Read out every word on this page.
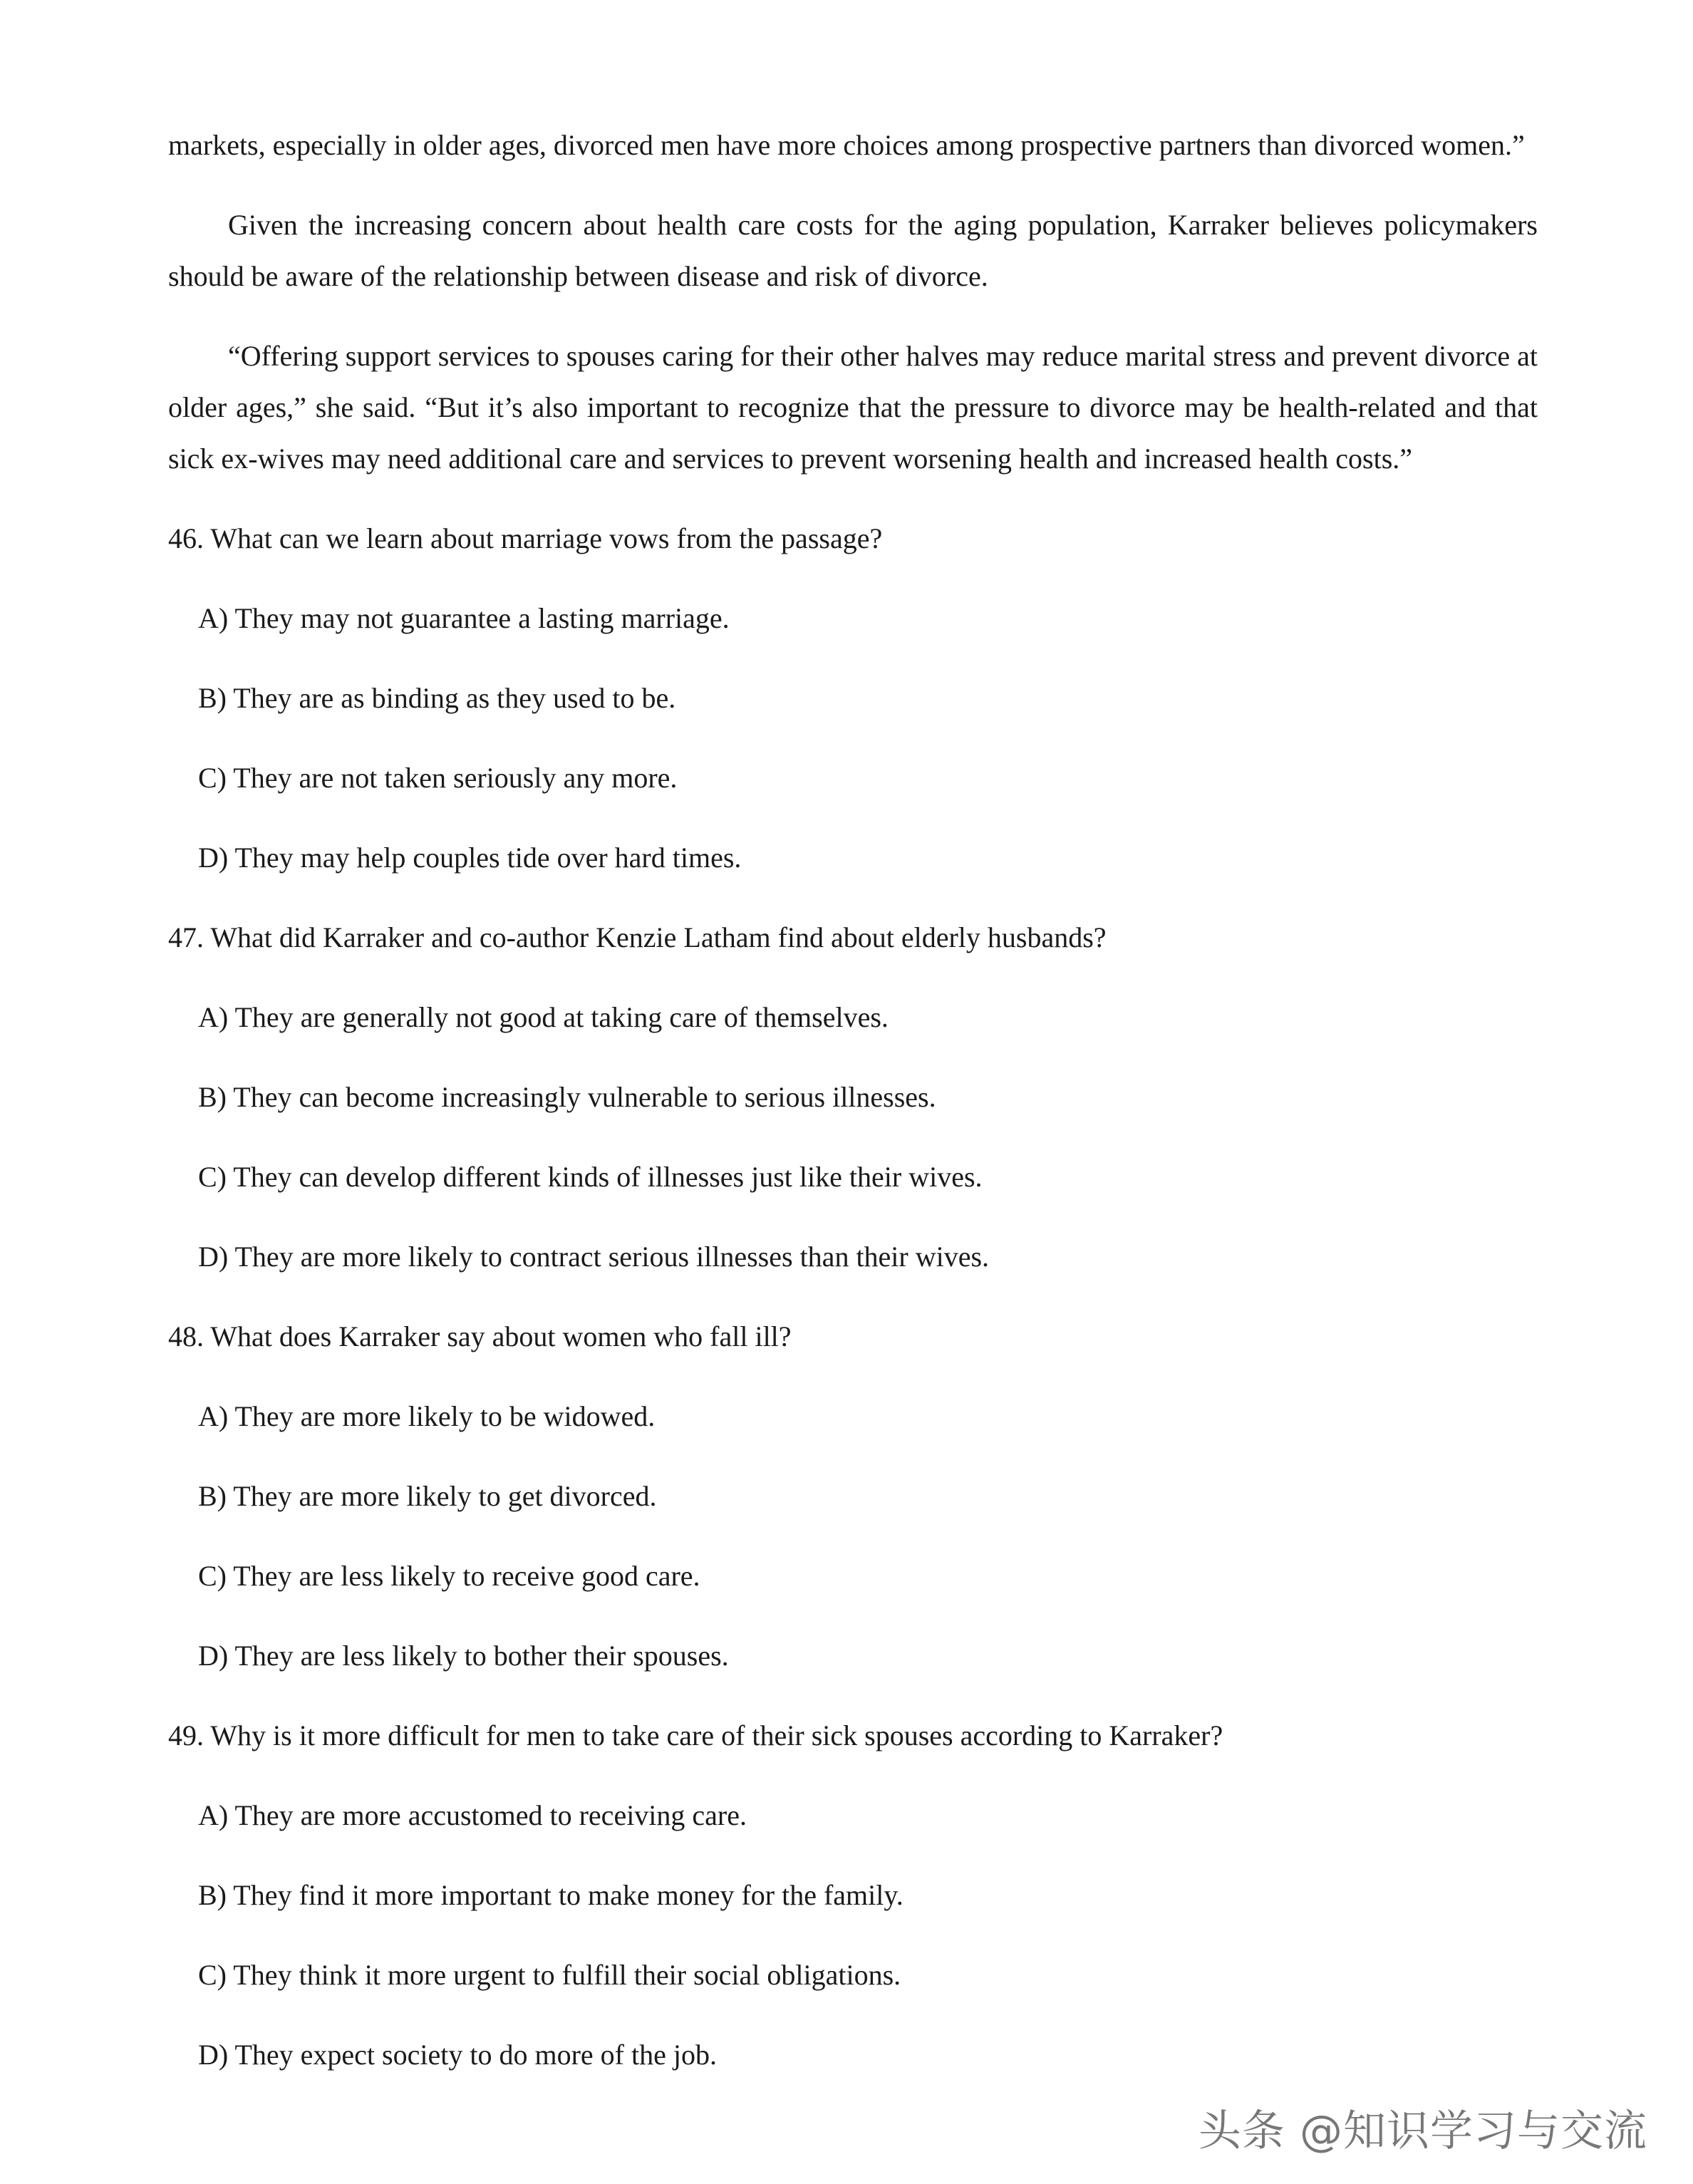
markets, especially in older ages, divorced men have more choices among prospective partners than divorced women.”

Given the increasing concern about health care costs for the aging population, Karraker believes policymakers should be aware of the relationship between disease and risk of divorce.

“Offering support services to spouses caring for their other halves may reduce marital stress and prevent divorce at older ages,” she said. “But it’s also important to recognize that the pressure to divorce may be health-related and that sick ex-wives may need additional care and services to prevent worsening health and increased health costs.”

46. What can we learn about marriage vows from the passage?

A) They may not guarantee a lasting marriage.

B) They are as binding as they used to be.

C) They are not taken seriously any more.

D) They may help couples tide over hard times.

47. What did Karraker and co-author Kenzie Latham find about elderly husbands?

A) They are generally not good at taking care of themselves.

B) They can become increasingly vulnerable to serious illnesses.

C) They can develop different kinds of illnesses just like their wives.

D) They are more likely to contract serious illnesses than their wives.

48. What does Karraker say about women who fall ill?

A) They are more likely to be widowed.

B) They are more likely to get divorced.

C) They are less likely to receive good care.

D) They are less likely to bother their spouses.

49. Why is it more difficult for men to take care of their sick spouses according to Karraker?

A) They are more accustomed to receiving care.

B) They find it more important to make money for the family.

C) They think it more urgent to fulfill their social obligations.

D) They expect society to do more of the job.

头条 @知识学习与交流
